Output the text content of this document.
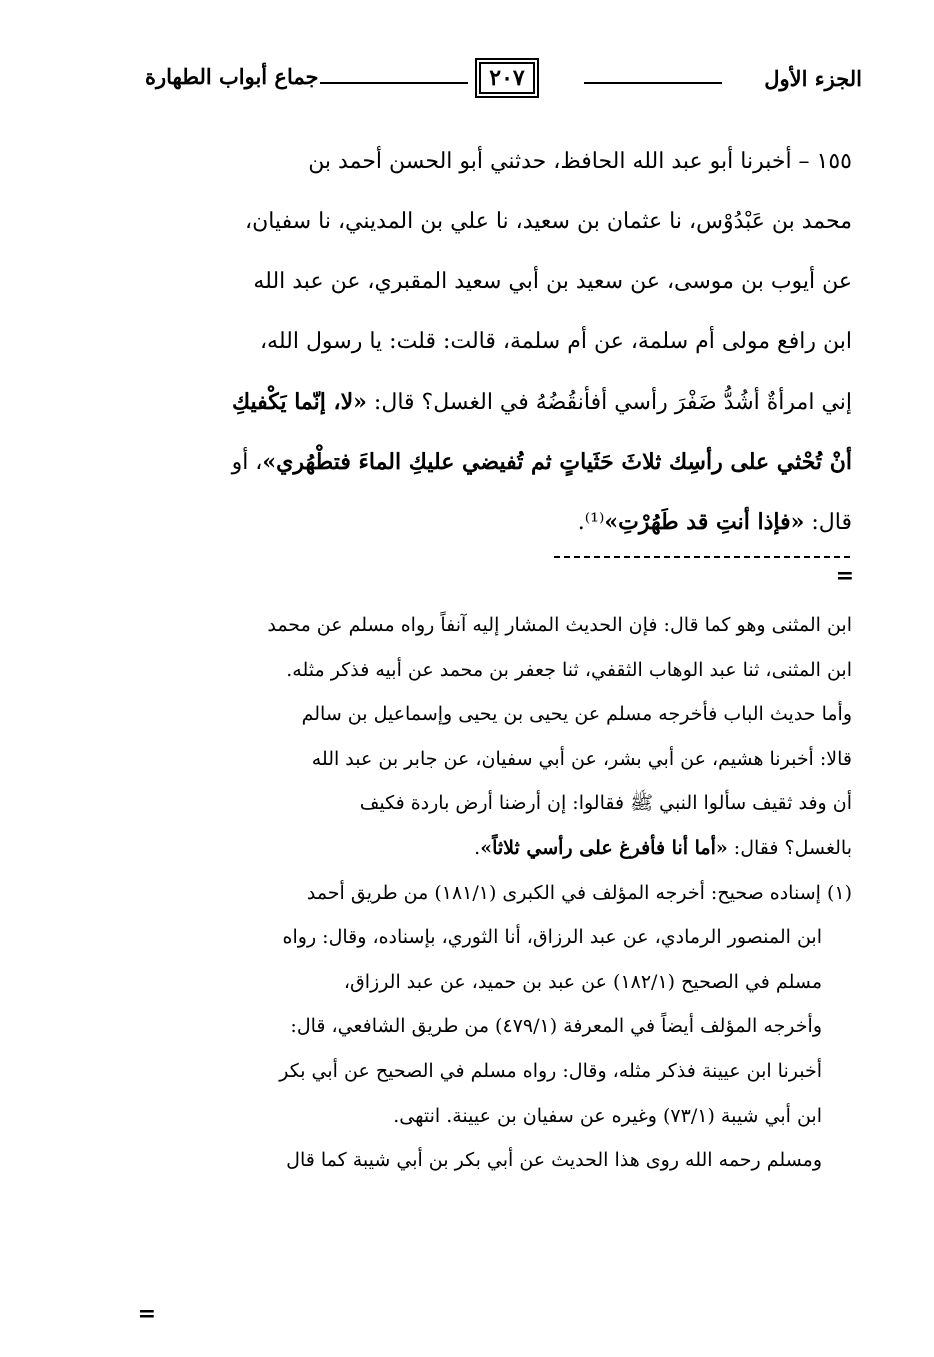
الجزء الأول
٢٠٧
جماع أبواب الطهارة
١٥٥ – أخبرنا أبو عبد الله الحافظ، حدثني أبو الحسن أحمد بن
محمد بن عَبْدُوْس، نا عثمان بن سعيد، نا علي بن المديني، نا سفيان،
عن أيوب بن موسى، عن سعيد بن أبي سعيد المقبري، عن عبد الله
ابن رافع مولى أم سلمة، عن أم سلمة، قالت: قلت: يا رسول الله،
إني امرأةٌ أشُدُّ ضَفْرَ رأسي أفأنقُضُهُ في الغسل؟ قال: «لا، إنّما يَكْفيكِ
أنْ تُحْثي على رأسِك ثلاثَ حَثَياتٍ ثم تُفيضي عليكِ الماءَ فتطْهُري»، أو
قال: «فإذا أنتِ قد طَهُرْتِ»⁽¹⁾.
=
ابن المثنى وهو كما قال: فإن الحديث المشار إليه آنفاً رواه مسلم عن محمد
ابن المثنى، ثنا عبد الوهاب الثقفي، ثنا جعفر بن محمد عن أبيه فذكر مثله.
وأما حديث الباب فأخرجه مسلم عن يحيى بن يحيى وإسماعيل بن سالم
قالا: أخبرنا هشيم، عن أبي بشر، عن أبي سفيان، عن جابر بن عبد الله
أن وفد ثقيف سألوا النبي ﷺ فقالوا: إن أرضنا أرض باردة فكيف
بالغسل؟ فقال: «أما أنا فأفرغ على رأسي ثلاثاً».
(١) إسناده صحيح: أخرجه المؤلف في الكبرى (١٨١/١) من طريق أحمد
ابن المنصور الرمادي، عن عبد الرزاق، أنا الثوري، بإسناده، وقال: رواه
مسلم في الصحيح (١٨٢/١) عن عبد بن حميد، عن عبد الرزاق،
وأخرجه المؤلف أيضاً في المعرفة (٤٧٩/١) من طريق الشافعي، قال:
أخبرنا ابن عيينة فذكر مثله، وقال: رواه مسلم في الصحيح عن أبي بكر
ابن أبي شيبة (٧٣/١) وغيره عن سفيان بن عيينة. انتهى.
ومسلم رحمه الله روى هذا الحديث عن أبي بكر بن أبي شيبة كما قال
=
